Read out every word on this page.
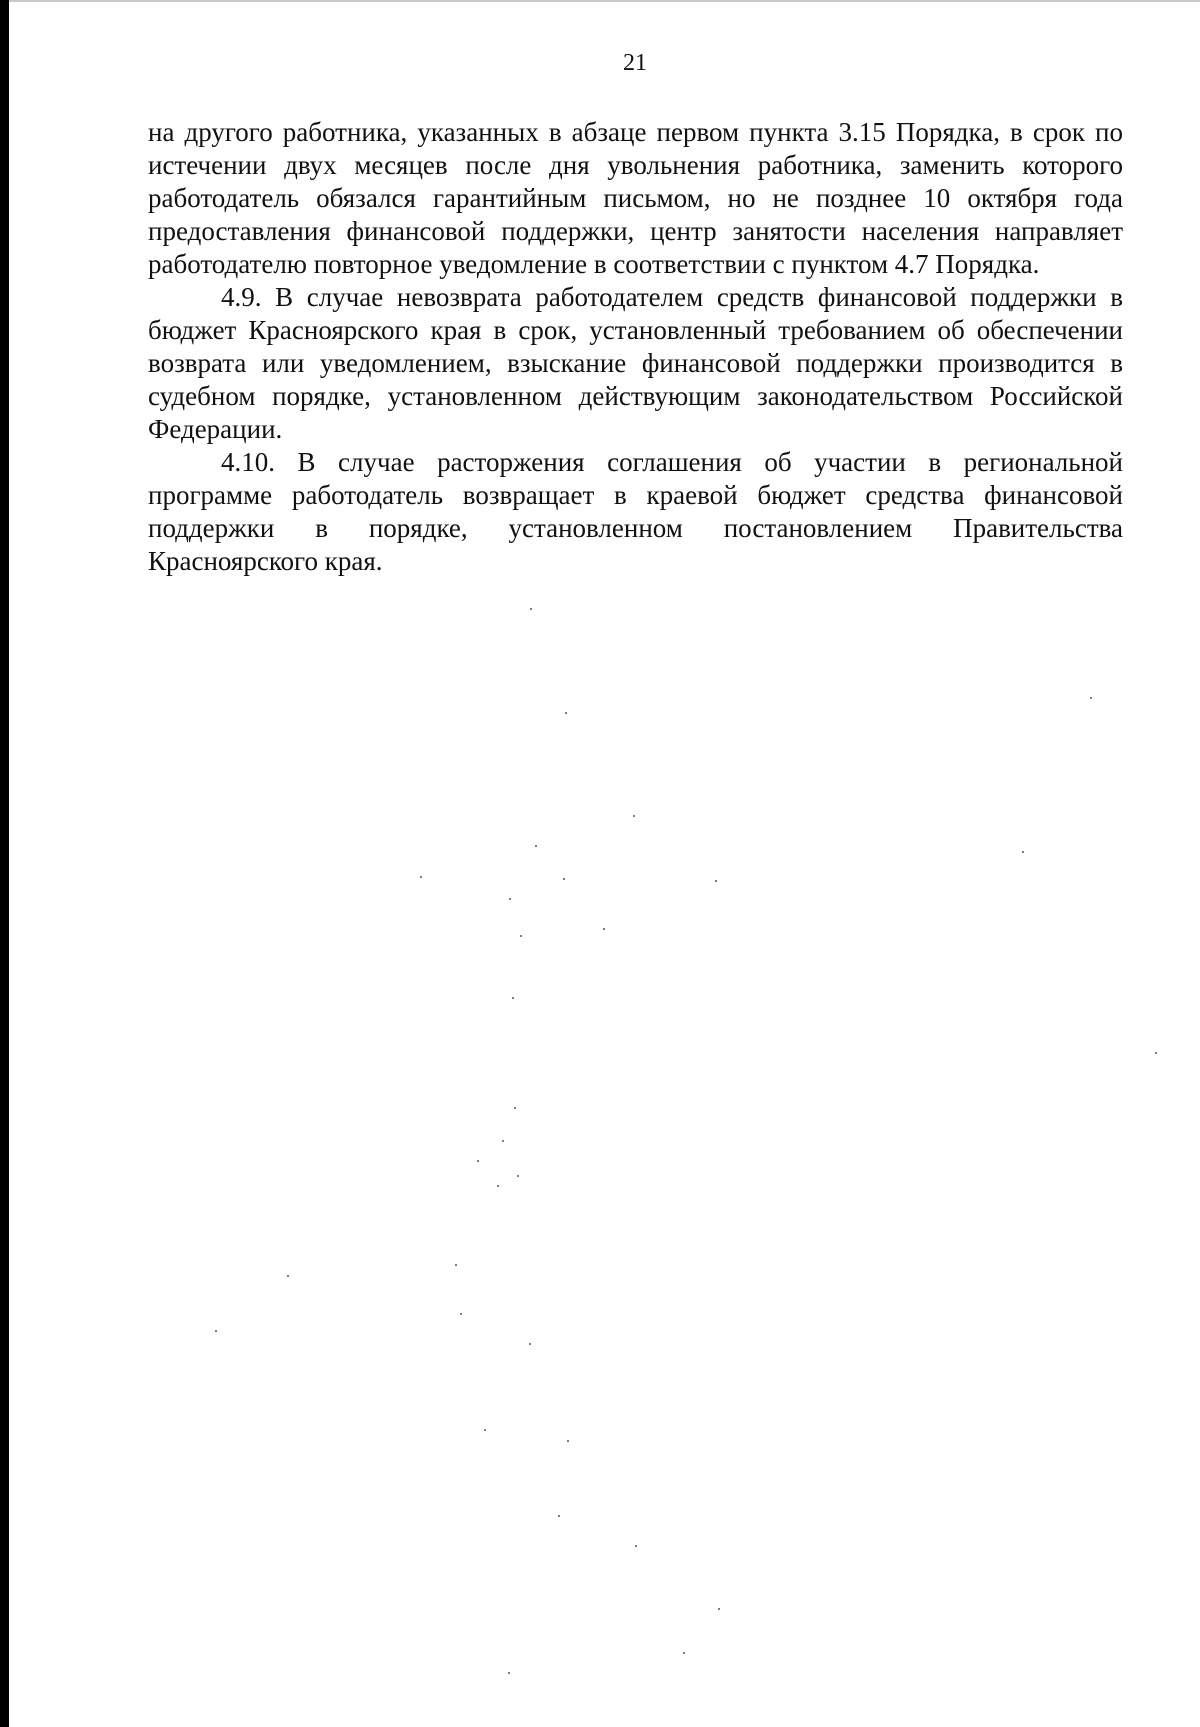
21

на другого работника, указанных в абзаце первом пункта 3.15 Порядка, в срок по истечении двух месяцев после дня увольнения работника, заменить которого работодатель обязался гарантийным письмом, но не позднее 10 октября года предоставления финансовой поддержки, центр занятости населения направляет работодателю повторное уведомление в соответствии с пунктом 4.7 Порядка.

4.9. В случае невозврата работодателем средств финансовой поддержки в бюджет Красноярского края в срок, установленный требованием об обеспечении возврата или уведомлением, взыскание финансовой поддержки производится в судебном порядке, установленном действующим законодательством Российской Федерации.

4.10. В случае расторжения соглашения об участии в региональной программе работодатель возвращает в краевой бюджет средства финансовой поддержки в порядке, установленном постановлением Правительства Красноярского края.
